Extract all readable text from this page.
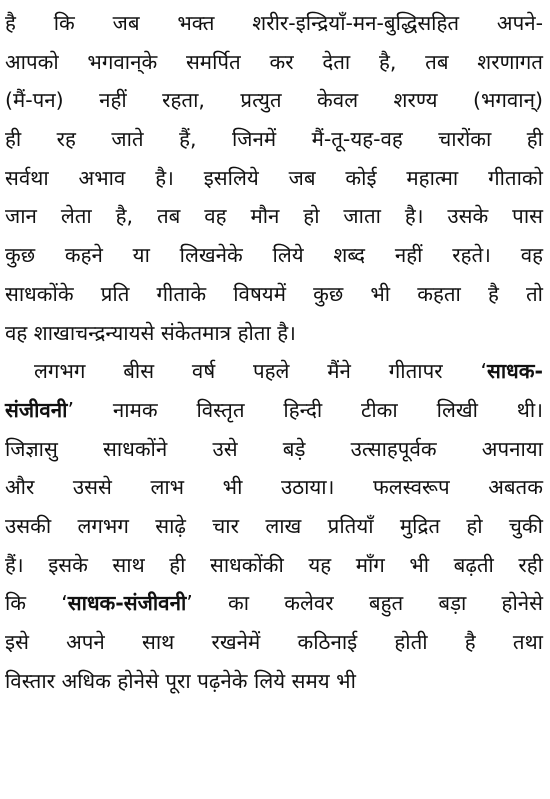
है कि जब भक्त शरीर-इन्द्रियाँ-मन-बुद्धिसहित अपने-
आपको भगवान्‌के समर्पित कर देता है, तब शरणागत
(मैं-पन) नहीं रहता, प्रत्युत केवल शरण्य (भगवान्)
ही रह जाते हैं, जिनमें मैं-तू-यह-वह चारोंका ही
सर्वथा अभाव है। इसलिये जब कोई महात्मा गीताको
जान लेता है, तब वह मौन हो जाता है। उसके पास
कुछ कहने या लिखनेके लिये शब्द नहीं रहते। वह
साधकोंके प्रति गीताके विषयमें कुछ भी कहता है तो
वह शाखाचन्द्रन्यायसे संकेतमात्र होता है।
लगभग बीस वर्ष पहले मैंने गीतापर ‘साधक-
संजीवनी’ नामक विस्तृत हिन्दी टीका लिखी थी।
जिज्ञासु साधकोंने उसे बड़े उत्साहपूर्वक अपनाया
और उससे लाभ भी उठाया। फलस्वरूप अबतक
उसकी लगभग साढ़े चार लाख प्रतियाँ मुद्रित हो चुकी
हैं। इसके साथ ही साधकोंकी यह माँग भी बढ़ती रही
कि ‘साधक-संजीवनी’ का कलेवर बहुत बड़ा होनेसे
इसे अपने साथ रखनेमें कठिनाई होती है तथा
विस्तार अधिक होनेसे पूरा पढ़नेके लिये समय भी
